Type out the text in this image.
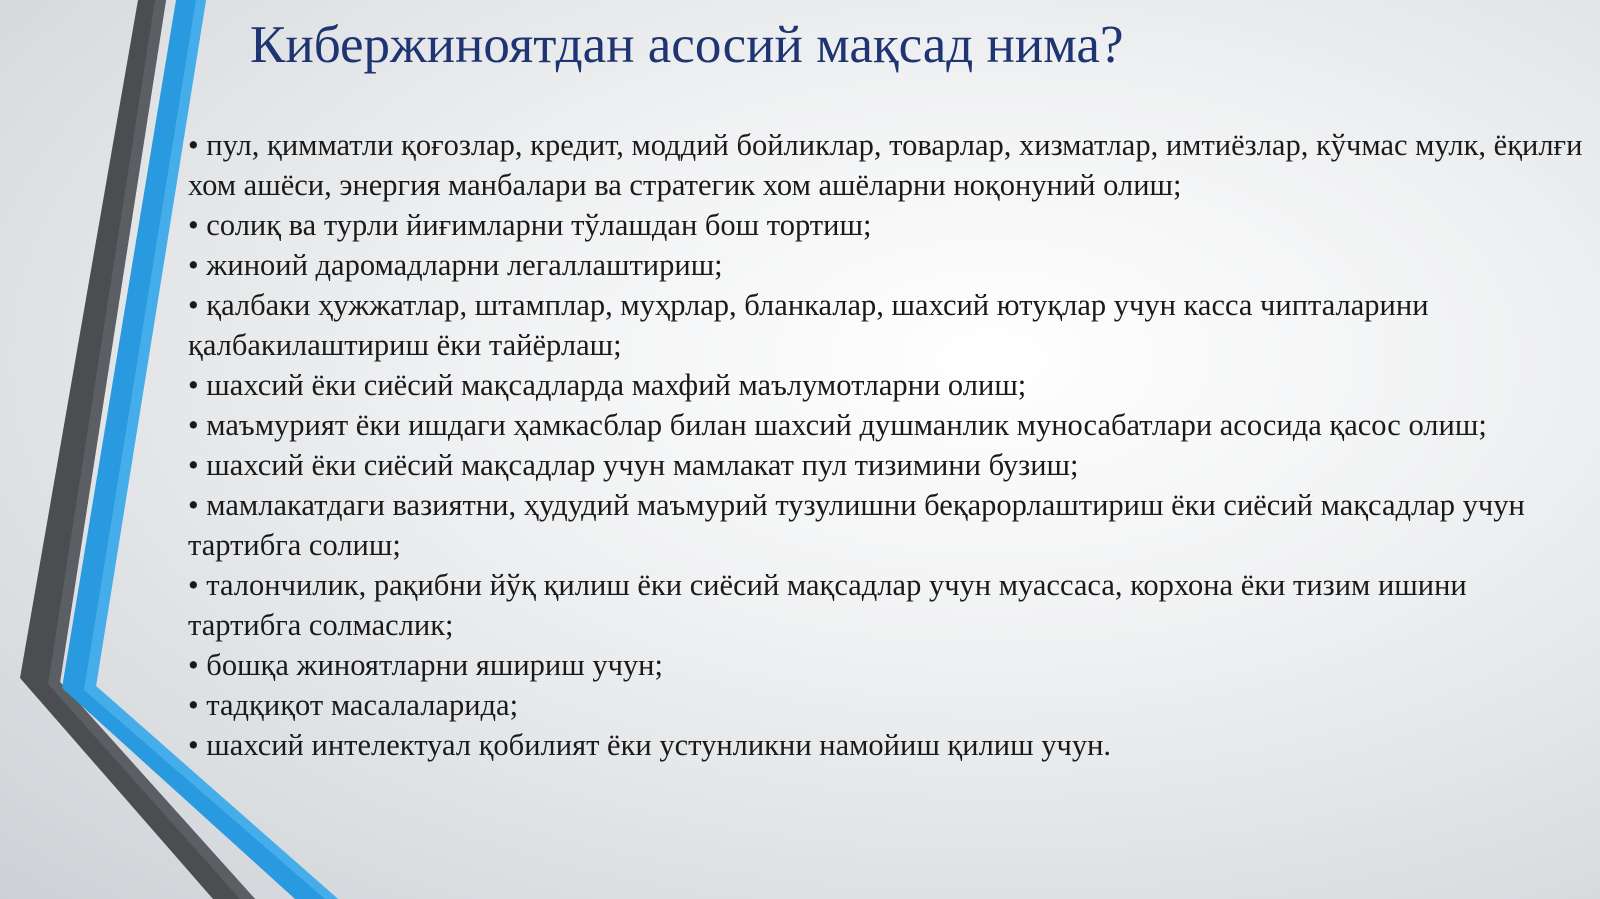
Кибержиноятдан асосий мақсад нима?
• пул, қимматли қоғозлар, кредит, моддий бойликлар, товарлар, хизматлар, имтиёзлар, кўчмас мулк, ёқилғи хом ашёси, энергия манбалари ва стратегик хом ашёларни ноқонуний олиш;
• солиқ ва турли йиғимларни тўлашдан бош тортиш;
• жиноий даромадларни легаллаштириш;
• қалбаки ҳужжатлар, штамплар, муҳрлар, бланкалар, шахсий ютуқлар учун касса чипталарини қалбакилаштириш ёки тайёрлаш;
• шахсий ёки сиёсий мақсадларда махфий маълумотларни олиш;
• маъмурият ёки ишдаги ҳамкасблар билан шахсий душманлик муносабатлари асосида қасос олиш;
• шахсий ёки сиёсий мақсадлар учун мамлакат пул тизимини бузиш;
• мамлакатдаги вазиятни, ҳудудий маъмурий тузулишни беқарорлаштириш ёки сиёсий мақсадлар учун тартибга солиш;
• талончилик, рақибни йўқ қилиш ёки сиёсий мақсадлар учун муассаса, корхона ёки тизим ишини тартибга солмаслик;
• бошқа жиноятларни яшириш учун;
• тадқиқот масалаларида;
• шахсий интелектуал қобилият ёки устунликни намойиш қилиш учун.
